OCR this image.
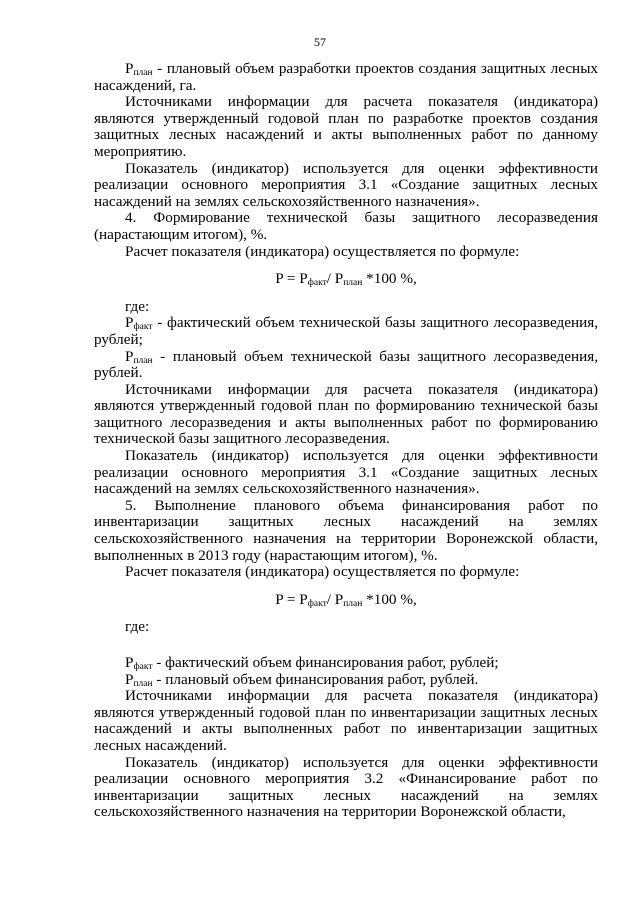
57

$P_{план}$ - плановый объем разработки проектов создания защитных лесных насаждений, га.

Источниками информации для расчета показателя (индикатора) являются утвержденный годовой план по разработке проектов создания защитных лесных насаждений и акты выполненных работ по данному мероприятию.

Показатель (индикатор) используется для оценки эффективности реализации основного мероприятия 3.1 «Создание защитных лесных насаждений на землях сельскохозяйственного назначения».

4. Формирование технической базы защитного лесоразведения (нарастающим итогом), %.

Расчет показателя (индикатора) осуществляется по формуле:

$P = P_{факт}/$ $P_{план}$ *100 %,

где:

$P_{факт}$ - фактический объем технической базы защитного лесоразведения, рублей;

$P_{план}$ - плановый объем технической базы защитного лесоразведения, рублей.

Источниками информации для расчета показателя (индикатора) являются утвержденный годовой план по формированию технической базы защитного лесоразведения и акты выполненных работ по формированию технической базы защитного лесоразведения.

Показатель (индикатор) используется для оценки эффективности реализации основного мероприятия 3.1 «Создание защитных лесных насаждений на землях сельскохозяйственного назначения».

5. Выполнение планового объема финансирования работ по инвентаризации защитных лесных насаждений на землях сельскохозяйственного назначения на территории Воронежской области, выполненных в 2013 году (нарастающим итогом), %.

Расчет показателя (индикатора) осуществляется по формуле:

$P = P_{факт}/$ $P_{план}$ *100 %,

где:

$P_{факт}$ - фактический объем финансирования работ, рублей;

$P_{план}$ - плановый объем финансирования работ, рублей.

Источниками информации для расчета показателя (индикатора) являются утвержденный годовой план по инвентаризации защитных лесных насаждений и акты выполненных работ по инвентаризации защитных лесных насаждений.

Показатель (индикатор) используется для оценки эффективности реализации основного мероприятия 3.2 «Финансирование работ по инвентаризации защитных лесных насаждений на землях сельскохозяйственного назначения на территории Воронежской области,
